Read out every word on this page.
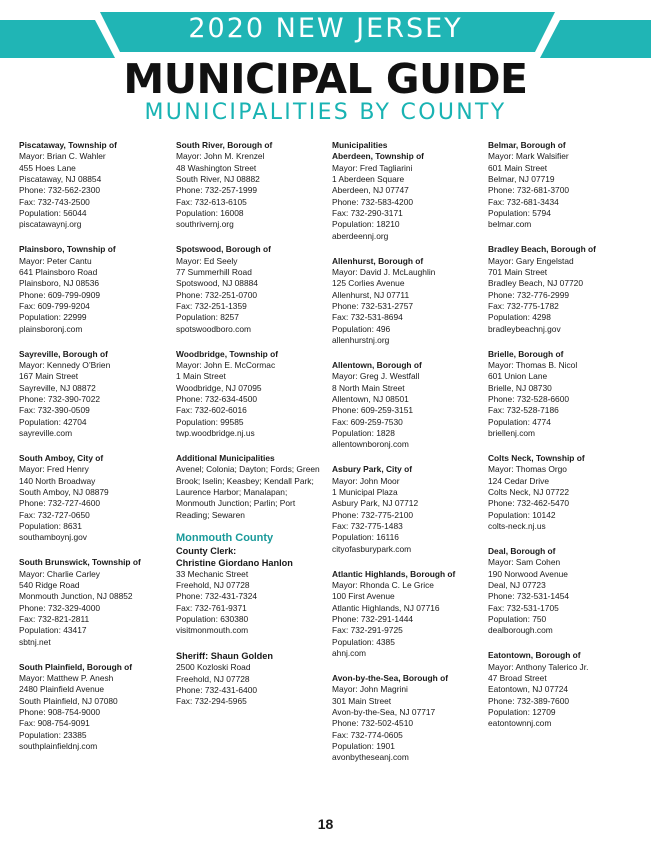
2020 NEW JERSEY
MUNICIPAL GUIDE
MUNICIPALITIES BY COUNTY
Piscataway, Township of
Mayor: Brian C. Wahler
455 Hoes Lane
Piscataway, NJ 08854
Phone: 732-562-2300
Fax: 732-743-2500
Population: 56044
piscatawaynj.org
Plainsboro, Township of
Mayor: Peter Cantu
641 Plainsboro Road
Plainsboro, NJ 08536
Phone: 609-799-0909
Fax: 609-799-9204
Population: 22999
plainsboronj.com
Sayreville, Borough of
Mayor: Kennedy O’Brien
167 Main Street
Sayreville, NJ 08872
Phone: 732-390-7022
Fax: 732-390-0509
Population: 42704
sayreville.com
South Amboy, City of
Mayor: Fred Henry
140 North Broadway
South Amboy, NJ 08879
Phone: 732-727-4600
Fax: 732-727-0650
Population: 8631
southamboynj.gov
South Brunswick, Township of
Mayor: Charlie Carley
540 Ridge Road
Monmouth Junction, NJ 08852
Phone: 732-329-4000
Fax: 732-821-2811
Population: 43417
sbtnj.net
South Plainfield, Borough of
Mayor: Matthew P. Anesh
2480 Plainfield Avenue
South Plainfield, NJ 07080
Phone: 908-754-9000
Fax: 908-754-9091
Population: 23385
southplainfieldnj.com
South River, Borough of
Mayor: John M. Krenzel
48 Washington Street
South River, NJ 08882
Phone: 732-257-1999
Fax: 732-613-6105
Population: 16008
southrivernj.org
Spotswood, Borough of
Mayor: Ed Seely
77 Summerhill Road
Spotswood, NJ 08884
Phone: 732-251-0700
Fax: 732-251-1359
Population: 8257
spotswoodboro.com
Woodbridge, Township of
Mayor: John E. McCormac
1 Main Street
Woodbridge, NJ 07095
Phone: 732-634-4500
Fax: 732-602-6016
Population: 99585
twp.woodbridge.nj.us
Additional Municipalities
Avenel; Colonia; Dayton; Fords; Green Brook; Iselin; Keasbey; Kendall Park; Laurence Harbor; Manalapan; Monmouth Junction; Parlin; Port Reading; Sewaren
Monmouth County
County Clerk:
Christine Giordano Hanlon
33 Mechanic Street
Freehold, NJ 07728
Phone: 732-431-7324
Fax: 732-761-9371
Population: 630380
visitmonmouth.com
Sheriff: Shaun Golden
2500 Kozloski Road
Freehold, NJ 07728
Phone: 732-431-6400
Fax: 732-294-5965
Municipalities
Aberdeen, Township of
Mayor: Fred Tagliarini
1 Aberdeen Square
Aberdeen, NJ 07747
Phone: 732-583-4200
Fax: 732-290-3171
Population: 18210
aberdeennj.org
Allenhurst, Borough of
Mayor: David J. McLaughlin
125 Corlies Avenue
Allenhurst, NJ 07711
Phone: 732-531-2757
Fax: 732-531-8694
Population: 496
allenhurstnj.org
Allentown, Borough of
Mayor: Greg J. Westfall
8 North Main Street
Allentown, NJ 08501
Phone: 609-259-3151
Fax: 609-259-7530
Population: 1828
allentownboronj.com
Asbury Park, City of
Mayor: John Moor
1 Municipal Plaza
Asbury Park, NJ 07712
Phone: 732-775-2100
Fax: 732-775-1483
Population: 16116
cityofasburypark.com
Atlantic Highlands, Borough of
Mayor: Rhonda C. Le Grice
100 First Avenue
Atlantic Highlands, NJ 07716
Phone: 732-291-1444
Fax: 732-291-9725
Population: 4385
ahnj.com
Avon-by-the-Sea, Borough of
Mayor: John Magrini
301 Main Street
Avon-by-the-Sea, NJ 07717
Phone: 732-502-4510
Fax: 732-774-0605
Population: 1901
avonbytheseanj.com
Belmar, Borough of
Mayor: Mark Walsifier
601 Main Street
Belmar, NJ 07719
Phone: 732-681-3700
Fax: 732-681-3434
Population: 5794
belmar.com
Bradley Beach, Borough of
Mayor: Gary Engelstad
701 Main Street
Bradley Beach, NJ 07720
Phone: 732-776-2999
Fax: 732-775-1782
Population: 4298
bradleybeachnj.gov
Brielle, Borough of
Mayor: Thomas B. Nicol
601 Union Lane
Brielle, NJ 08730
Phone: 732-528-6600
Fax: 732-528-7186
Population: 4774
briellenj.com
Colts Neck, Township of
Mayor: Thomas Orgo
124 Cedar Drive
Colts Neck, NJ 07722
Phone: 732-462-5470
Population: 10142
colts-neck.nj.us
Deal, Borough of
Mayor: Sam Cohen
190 Norwood Avenue
Deal, NJ 07723
Phone: 732-531-1454
Fax: 732-531-1705
Population: 750
dealborough.com
Eatontown, Borough of
Mayor: Anthony Talerico Jr.
47 Broad Street
Eatontown, NJ 07724
Phone: 732-389-7600
Population: 12709
eatontownnj.com
18
